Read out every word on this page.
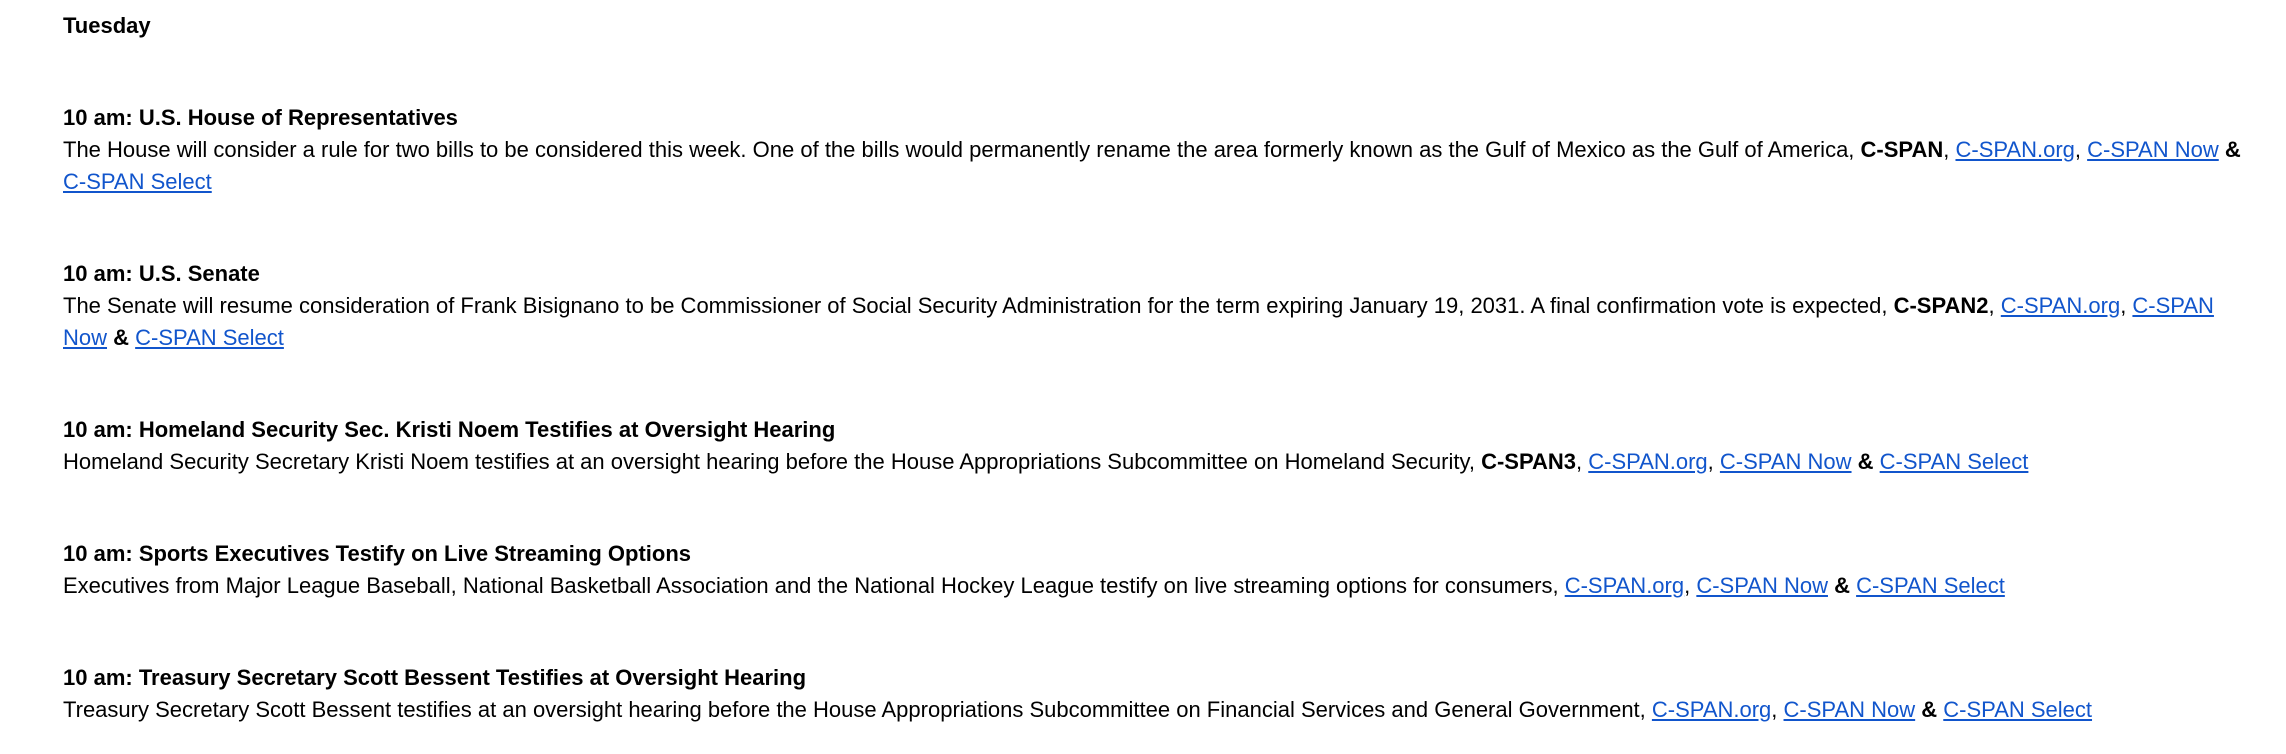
Tuesday

10 am: U.S. House of Representatives

The House will consider a rule for two bills to be considered this week. One of the bills would permanently rename the area formerly known as the Gulf of Mexico as the Gulf of America, C-SPAN, C-SPAN.org, C-SPAN Now & C-SPAN Select

10 am: U.S. Senate

The Senate will resume consideration of Frank Bisignano to be Commissioner of Social Security Administration for the term expiring January 19, 2031. A final confirmation vote is expected, C-SPAN2, C-SPAN.org, C-SPAN Now & C-SPAN Select

10 am: Homeland Security Sec. Kristi Noem Testifies at Oversight Hearing

Homeland Security Secretary Kristi Noem testifies at an oversight hearing before the House Appropriations Subcommittee on Homeland Security, C-SPAN3, C-SPAN.org, C-SPAN Now & C-SPAN Select

10 am: Sports Executives Testify on Live Streaming Options

Executives from Major League Baseball, National Basketball Association and the National Hockey League testify on live streaming options for consumers, C-SPAN.org, C-SPAN Now & C-SPAN Select

10 am: Treasury Secretary Scott Bessent Testifies at Oversight Hearing

Treasury Secretary Scott Bessent testifies at an oversight hearing before the House Appropriations Subcommittee on Financial Services and General Government, C-SPAN.org, C-SPAN Now & C-SPAN Select
